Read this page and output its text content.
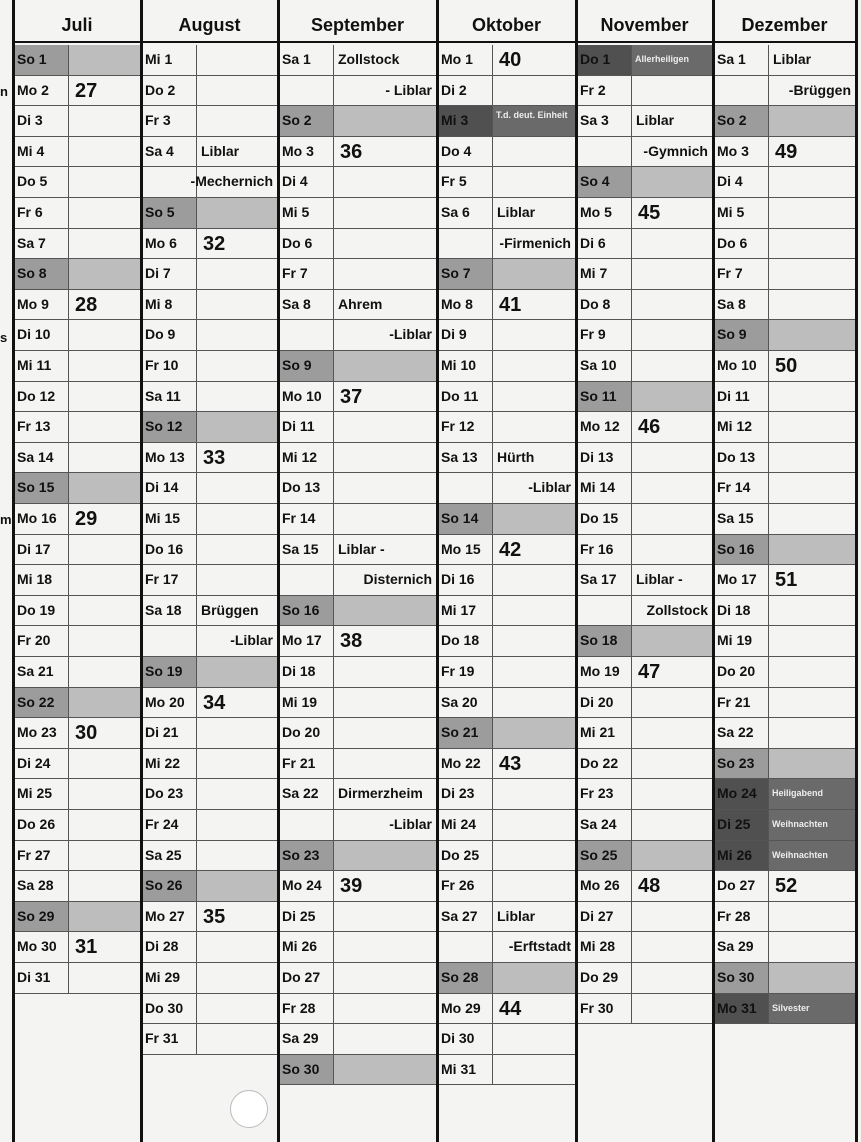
n
s
m
Juli
So 1
Mo 2	27
Di 3
Mi 4
Do 5
Fr 6
Sa 7
So 8
Mo 9	28
Di 10
Mi 11
Do 12
Fr 13
Sa 14
So 15
Mo 16 29
Di 17
Mi 18
Do 19
Fr 20
Sa 21
So 22
Mo 23 30
Di 24
Mi 25
Do 26
Fr 27
Sa 28
So 29
Mo 30 31
Di 31
August
Mi 1
Do 2
Fr 3
Sa 4	Liblar
-Mechernich
So 5
Mo 6	32
Di 7
Mi 8
Do 9
Fr 10
Sa 11
So 12
Mo 13 33
Di 14
Mi 15
Do 16
Fr 17
Sa 18	Brüggen
-Liblar
So 19
Mo 20 34
Di 21
Mi 22
Do 23
Fr 24
Sa 25
So 26
Mo 27 35
Di 28
Mi 29
Do 30
Fr 31
September
Sa 1	Zollstock
- Liblar
So 2
Mo 3	36
Di 4
Mi 5
Do 6
Fr 7
Sa 8	Ahrem
-Liblar
So 9
Mo 10 37
Di 11
Mi 12
Do 13
Fr 14
Sa 15	Liblar -
Disternich
So 16
Mo 17 38
Di 18
Mi 19
Do 20
Fr 21
Sa 22	Dirmerzheim
-Liblar
So 23
Mo 24 39
Di 25
Mi 26
Do 27
Fr 28
Sa 29
So 30
Oktober
Mo 1	40
Di 2
Mi 3	T.d. deut. Einheit
Do 4
Fr 5
Sa 6	Liblar
-Firmenich
So 7
Mo 8	41
Di 9
Mi 10
Do 11
Fr 12
Sa 13	Hürth
-Liblar
So 14
Mo 15 42
Di 16
Mi 17
Do 18
Fr 19
Sa 20
So 21
Mo 22 43
Di 23
Mi 24
Do 25
Fr 26
Sa 27	Liblar
-Erftstadt
So 28
Mo 29 44
Di 30
Mi 31
November
Do 1	Allerheiligen
Fr 2
Sa 3	Liblar
-Gymnich
So 4
Mo 5	45
Di 6
Mi 7
Do 8
Fr 9
Sa 10
So 11
Mo 12 46
Di 13
Mi 14
Do 15
Fr 16
Sa 17	Liblar -
Zollstock
So 18
Mo 19 47
Di 20
Mi 21
Do 22
Fr 23
Sa 24
So 25
Mo 26 48
Di 27
Mi 28
Do 29
Fr 30
Dezember
Sa 1	Liblar
-Brüggen
So 2
Mo 3	49
Di 4
Mi 5
Do 6
Fr 7
Sa 8
So 9
Mo 10 50
Di 11
Mi 12
Do 13
Fr 14
Sa 15
So 16
Mo 17 51
Di 18
Mi 19
Do 20
Fr 21
Sa 22
So 23
Mo 24	Heiligabend
Di 25	Weihnachten
Mi 26	Weihnachten
Do 27 52
Fr 28
Sa 29
So 30
Mo 31	Silvester
